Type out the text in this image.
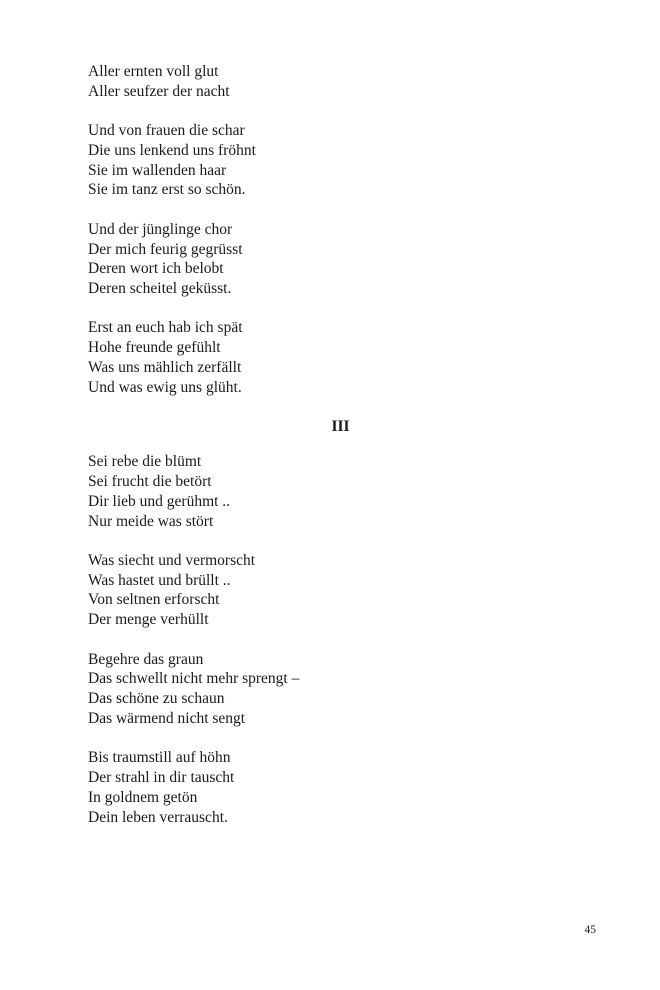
Aller ernten voll glut
Aller seufzer der nacht
Und von frauen die schar
Die uns lenkend uns fröhnt
Sie im wallenden haar
Sie im tanz erst so schön.
Und der jünglinge chor
Der mich feurig gegrüsst
Deren wort ich belobt
Deren scheitel geküsst.
Erst an euch hab ich spät
Hohe freunde gefühlt
Was uns mählich zerfällt
Und was ewig uns glüht.
III
Sei rebe die blümt
Sei frucht die betört
Dir lieb und gerühmt ..
Nur meide was stört
Was siecht und vermorscht
Was hastet und brüllt ..
Von seltnen erforscht
Der menge verhüllt
Begehre das graun
Das schwellt nicht mehr sprengt –
Das schöne zu schaun
Das wärmend nicht sengt
Bis traumstill auf höhn
Der strahl in dir tauscht
In goldnem getön
Dein leben verrauscht.
45
